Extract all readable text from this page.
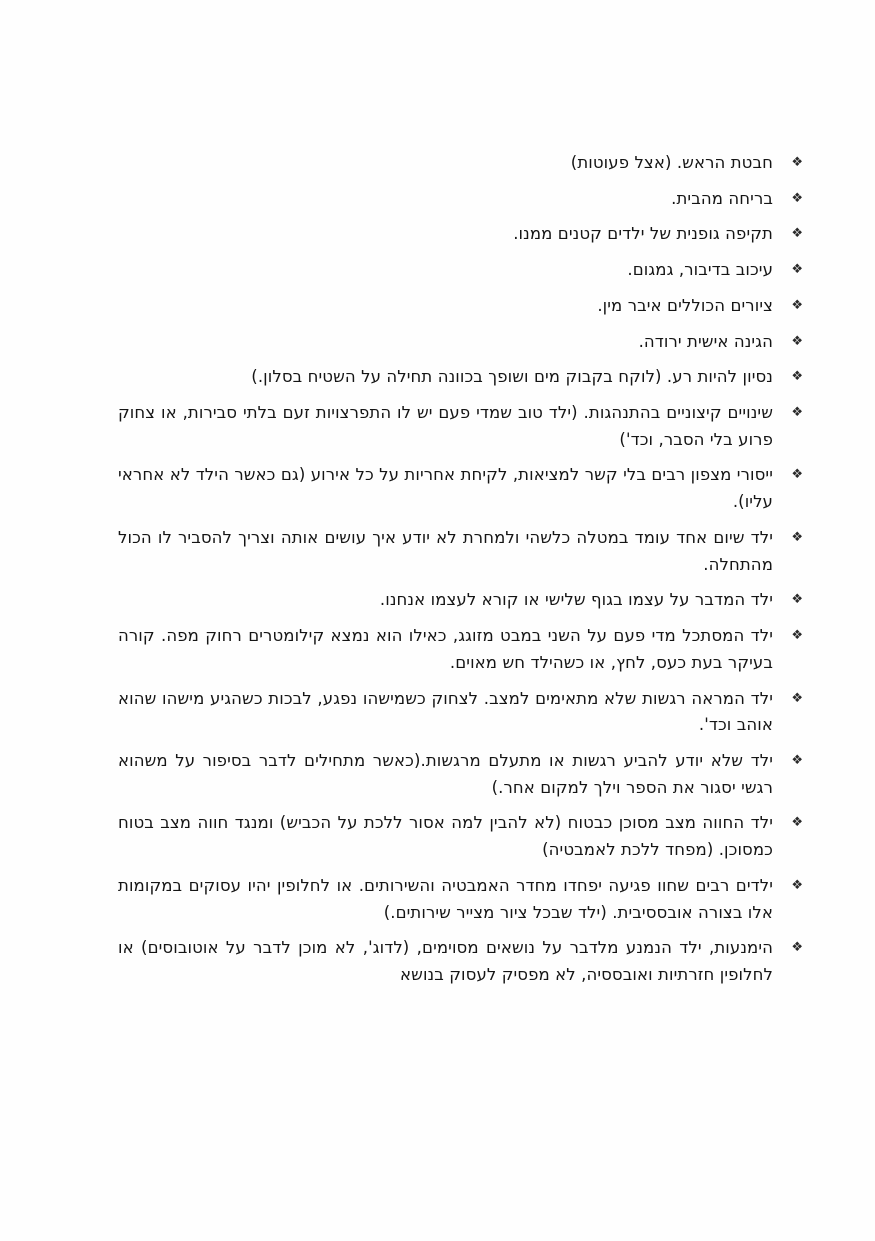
❖
חבטת הראש. (אצל פעוטות)
❖
בריחה מהבית.
❖
תקיפה גופנית של ילדים קטנים ממנו.
❖
עיכוב בדיבור, גמגום.
❖
ציורים הכוללים איבר מין.
❖
הגינה אישית ירודה.
❖
נסיון להיות רע. (לוקח בקבוק מים ושופך בכוונה תחילה על השטיח בסלון.)
❖
שינויים קיצוניים בהתנהגות. (ילד טוב שמדי פעם יש לו התפרצויות זעם בלתי סבירות, או צחוק פרוע בלי הסבר, וכד')
❖
ייסורי מצפון רבים בלי קשר למציאות, לקיחת אחריות על כל אירוע (גם כאשר הילד לא אחראי עליו).
❖
ילד שיום אחד עומד במטלה כלשהי ולמחרת לא יודע איך עושים אותה וצריך להסביר לו הכול מהתחלה.
❖
ילד המדבר על עצמו בגוף שלישי או קורא לעצמו אנחנו.
❖
ילד המסתכל מדי פעם על השני במבט מזוגג, כאילו הוא נמצא קילומטרים רחוק מפה. קורה בעיקר בעת כעס, לחץ, או כשהילד חש מאוים.
❖
ילד המראה רגשות שלא מתאימים למצב. לצחוק כשמישהו נפגע, לבכות כשהגיע מישהו שהוא אוהב וכד'.
❖
ילד שלא יודע להביע רגשות או מתעלם מרגשות.(כאשר מתחילים לדבר בסיפור על משהוא רגשי יסגור את הספר וילך למקום אחר.)
❖
ילד החווה מצב מסוכן כבטוח (לא להבין למה אסור ללכת על הכביש) ומנגד חווה מצב בטוח כמסוכן. (מפחד ללכת לאמבטיה)
❖
ילדים רבים שחוו פגיעה יפחדו מחדר האמבטיה והשירותים. או לחלופין יהיו עסוקים במקומות אלו בצורה אובססיבית. (ילד שבכל ציור מצייר שירותים.)
❖
הימנעות, ילד הנמנע מלדבר על נושאים מסוימים, (לדוג', לא מוכן לדבר על אוטובוסים) או לחלופין חזרתיות ואובססיה, לא מפסיק לעסוק בנושא
